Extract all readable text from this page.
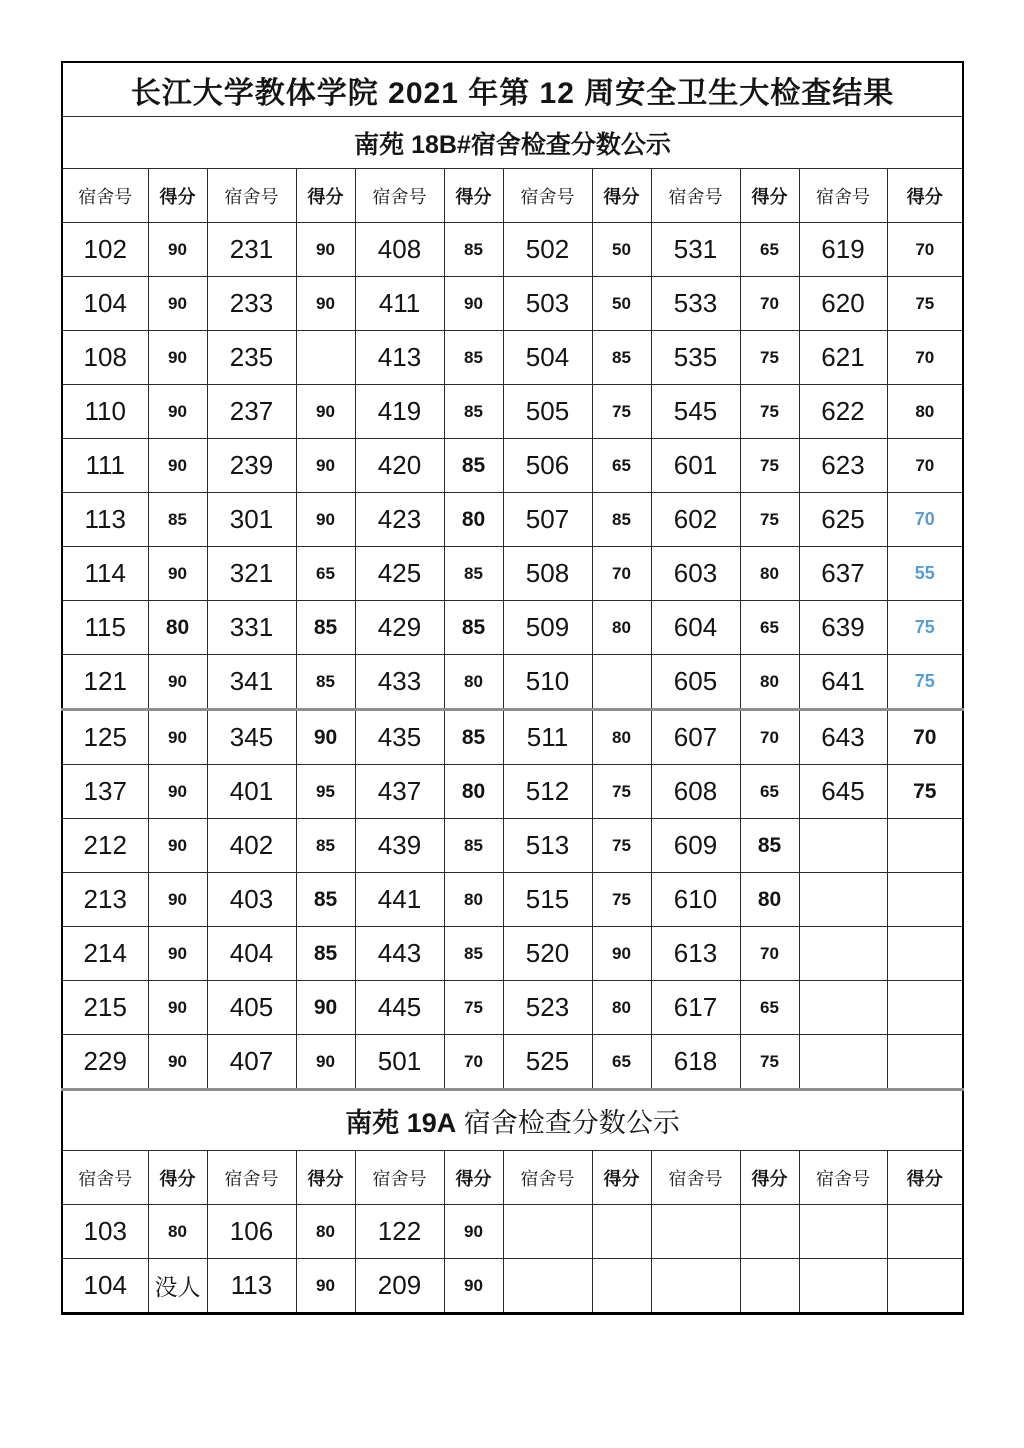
长江大学教体学院 2021 年第 12 周安全卫生大检查结果											
南苑 18B#宿舍检查分数公示											
宿舍号	得分	宿舍号	得分	宿舍号	得分	宿舍号	得分	宿舍号	得分	宿舍号	得分
102	90	231	90	408	85	502	50	531	65	619	70
104	90	233	90	411	90	503	50	533	70	620	75
108	90	235		413	85	504	85	535	75	621	70
110	90	237	90	419	85	505	75	545	75	622	80
111	90	239	90	420	85	506	65	601	75	623	70
113	85	301	90	423	80	507	85	602	75	625	70
114	90	321	65	425	85	508	70	603	80	637	55
115	80	331	85	429	85	509	80	604	65	639	75
121	90	341	85	433	80	510		605	80	641	75
125	90	345	90	435	85	511	80	607	70	643	70
137	90	401	95	437	80	512	75	608	65	645	75
212	90	402	85	439	85	513	75	609	85		
213	90	403	85	441	80	515	75	610	80		
214	90	404	85	443	85	520	90	613	70		
215	90	405	90	445	75	523	80	617	65		
229	90	407	90	501	70	525	65	618	75		
南苑 19A 宿舍检查分数公示											
宿舍号	得分	宿舍号	得分	宿舍号	得分	宿舍号	得分	宿舍号	得分	宿舍号	得分
103	80	106	80	122	90						
104	没人	113	90	209	90						
